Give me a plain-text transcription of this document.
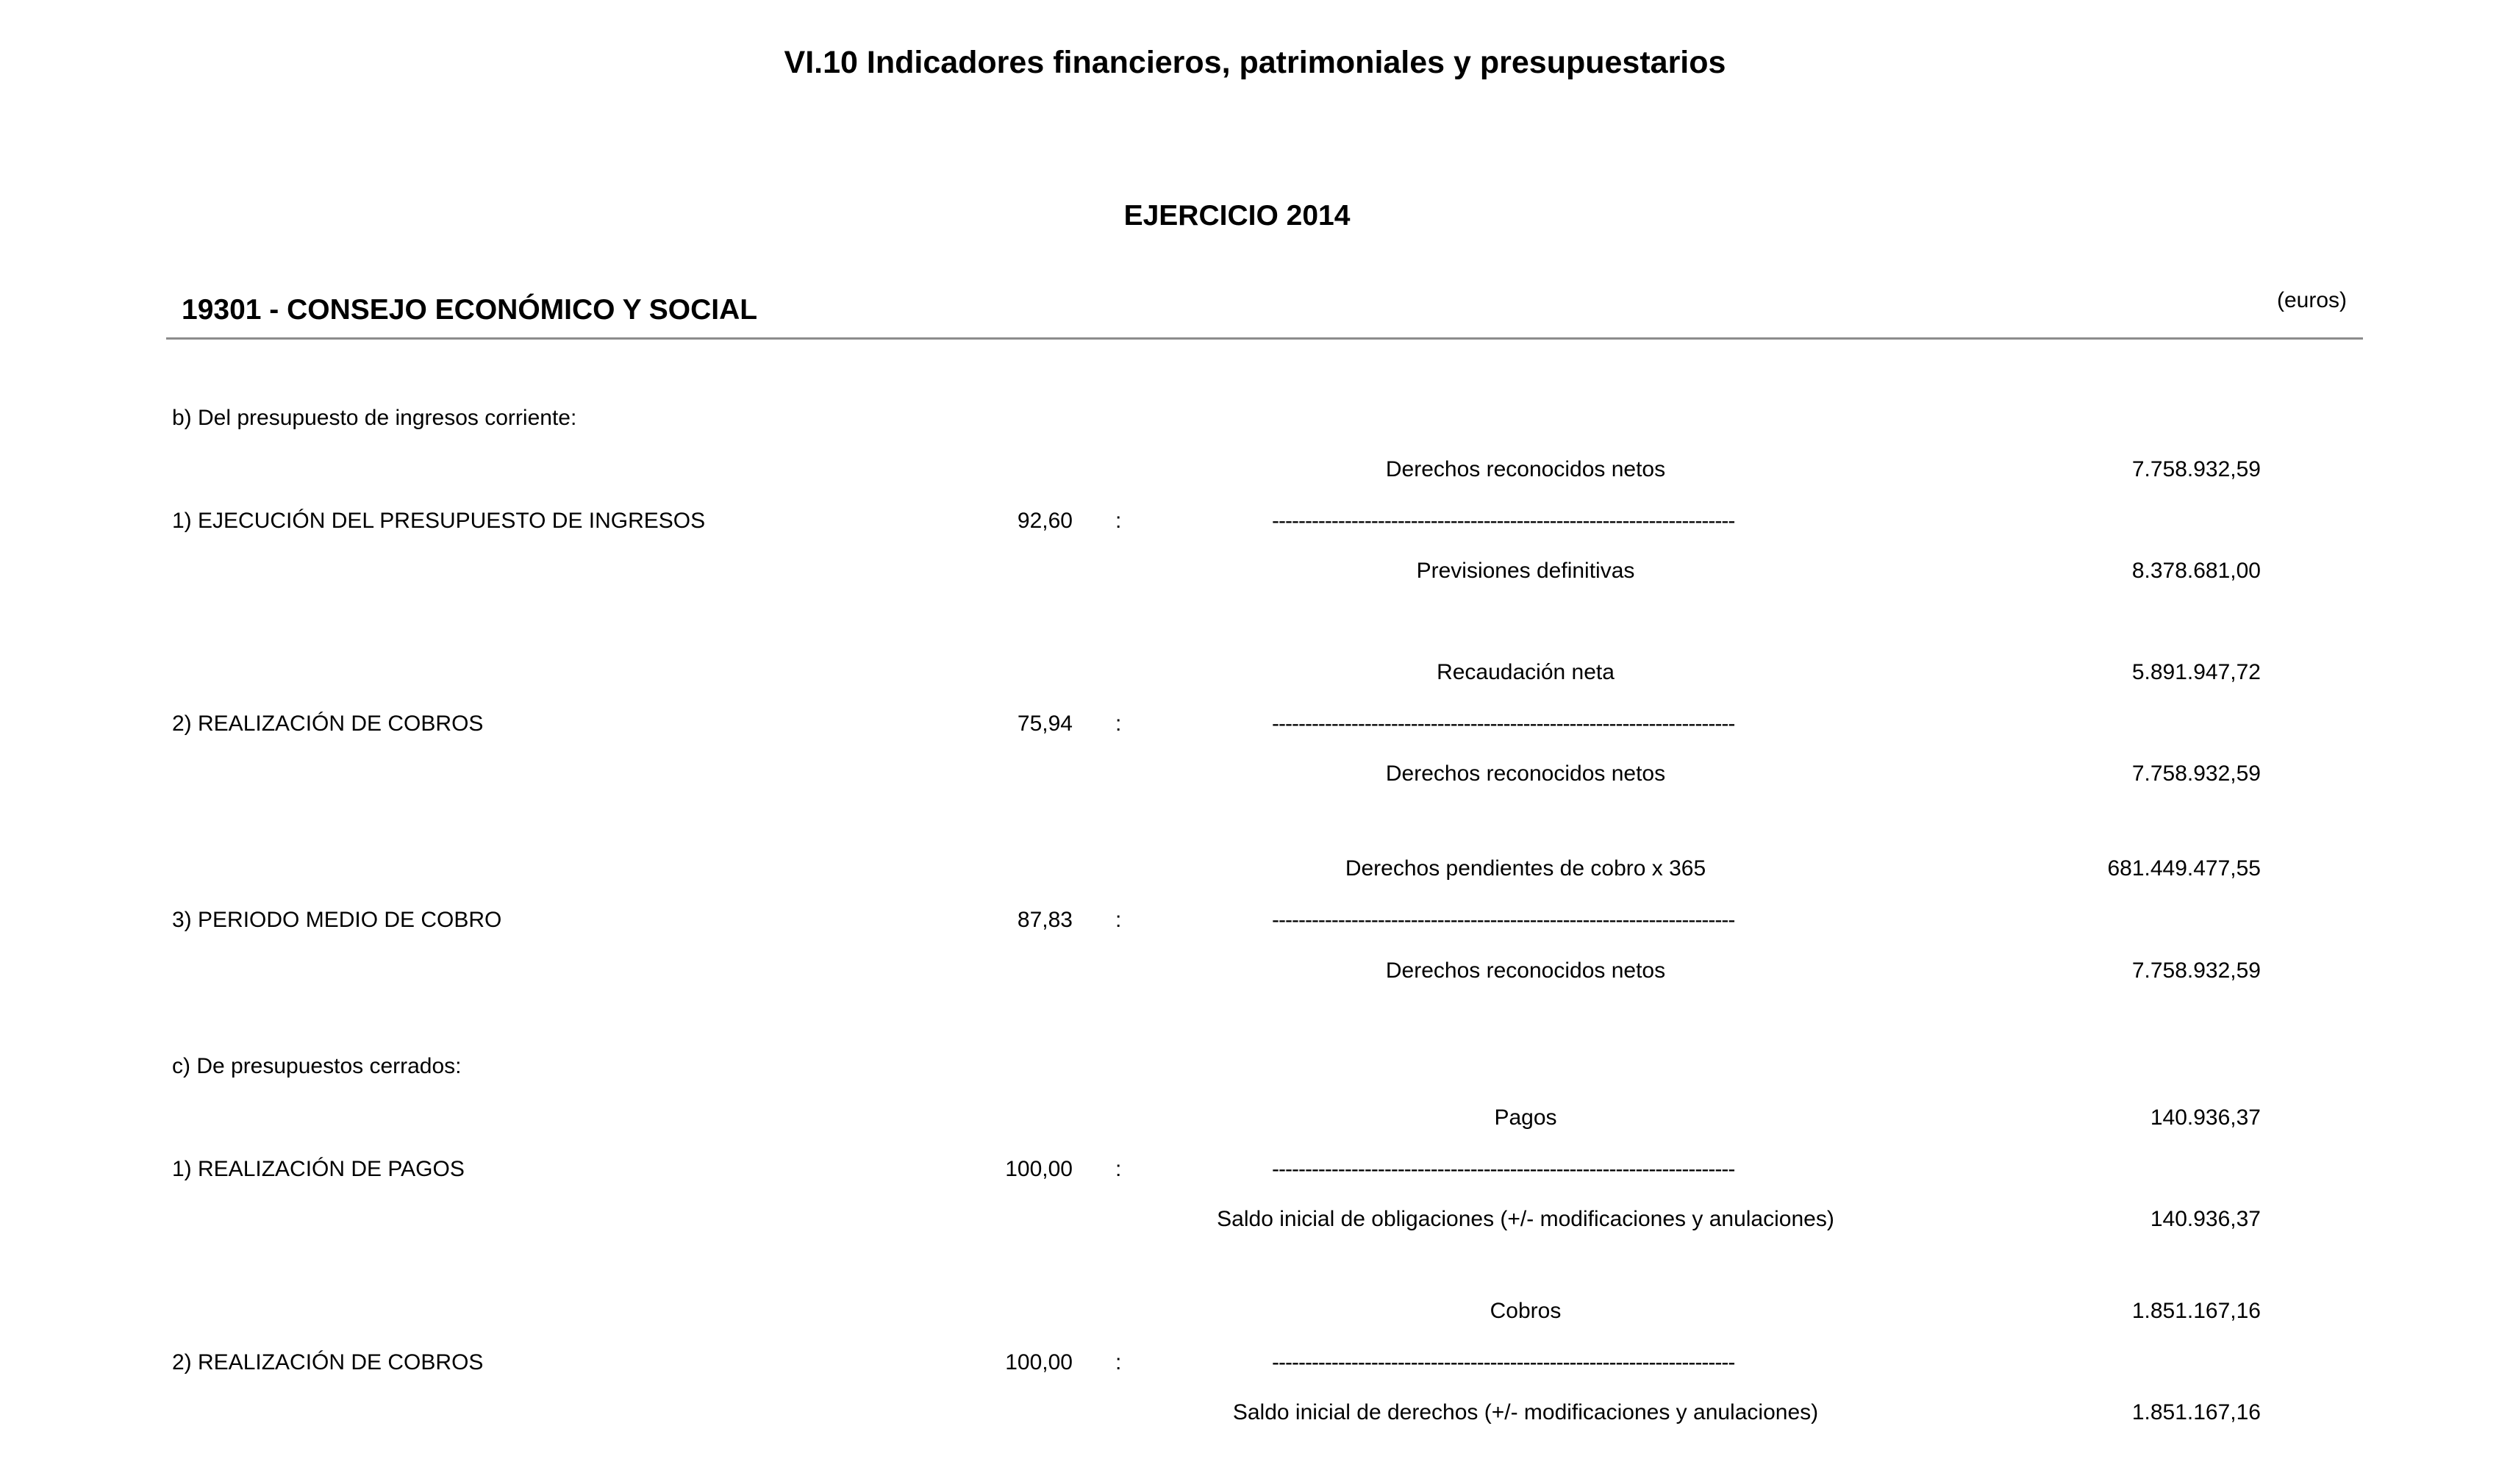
VI.10 Indicadores financieros, patrimoniales y presupuestarios
EJERCICIO 2014
19301 - CONSEJO ECONÓMICO Y SOCIAL	(euros)
b) Del presupuesto de ingresos corriente:
Derechos reconocidos netos	7.758.932,59
1) EJECUCIÓN DEL PRESUPUESTO DE INGRESOS	92,60 :	----------------------------------------------------------------------
Previsiones definitivas	8.378.681,00
Recaudación neta	5.891.947,72
2) REALIZACIÓN DE COBROS	75,94 :	----------------------------------------------------------------------
Derechos reconocidos netos	7.758.932,59
Derechos pendientes de cobro x 365	681.449.477,55
3) PERIODO MEDIO DE COBRO	87,83 :	----------------------------------------------------------------------
Derechos reconocidos netos	7.758.932,59
c) De presupuestos cerrados:
Pagos	140.936,37
1) REALIZACIÓN DE PAGOS	100,00 :	----------------------------------------------------------------------
Saldo inicial de obligaciones (+/- modificaciones y anulaciones)	140.936,37
Cobros	1.851.167,16
2) REALIZACIÓN DE COBROS	100,00 :	----------------------------------------------------------------------
Saldo inicial de derechos (+/- modificaciones y anulaciones)	1.851.167,16
